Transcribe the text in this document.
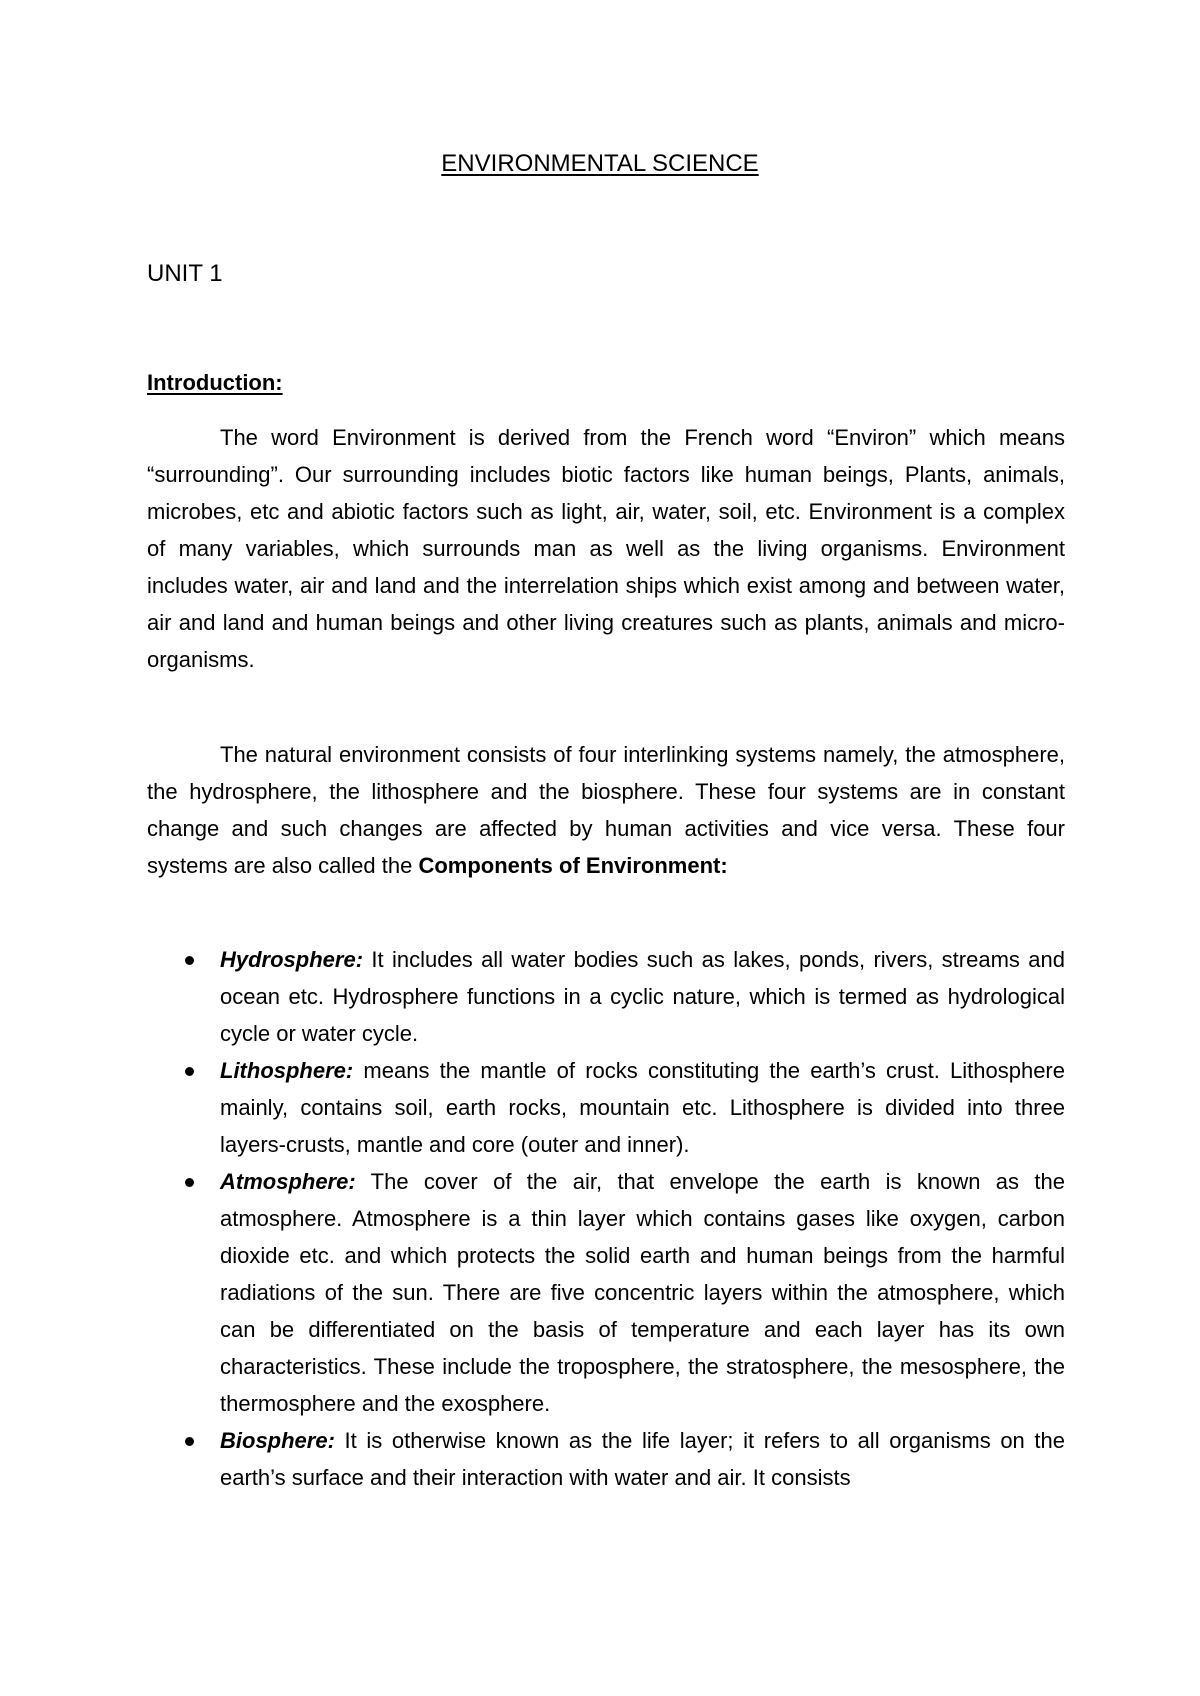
ENVIRONMENTAL SCIENCE
UNIT 1
Introduction:

The word Environment is derived from the French word “Environ” which means “surrounding”. Our surrounding includes biotic factors like human beings, Plants, animals, microbes, etc and abiotic factors such as light, air, water, soil, etc. Environment is a complex of many variables, which surrounds man as well as the living organisms. Environment includes water, air and land and the interrelation ships which exist among and between water, air and land and human beings and other living creatures such as plants, animals and micro-organisms.

The natural environment consists of four interlinking systems namely, the atmosphere, the hydrosphere, the lithosphere and the biosphere. These four systems are in constant change and such changes are affected by human activities and vice versa. These four systems are also called the Components of Environment:

Hydrosphere: It includes all water bodies such as lakes, ponds, rivers, streams and ocean etc. Hydrosphere functions in a cyclic nature, which is termed as hydrological cycle or water cycle.
Lithosphere: means the mantle of rocks constituting the earth’s crust. Lithosphere mainly, contains soil, earth rocks, mountain etc. Lithosphere is divided into three layers-crusts, mantle and core (outer and inner).
Atmosphere: The cover of the air, that envelope the earth is known as the atmosphere. Atmosphere is a thin layer which contains gases like oxygen, carbon dioxide etc. and which protects the solid earth and human beings from the harmful radiations of the sun. There are five concentric layers within the atmosphere, which can be differentiated on the basis of temperature and each layer has its own characteristics. These include the troposphere, the stratosphere, the mesosphere, the thermosphere and the exosphere.
Biosphere: It is otherwise known as the life layer; it refers to all organisms on the earth’s surface and their interaction with water and air. It consists
